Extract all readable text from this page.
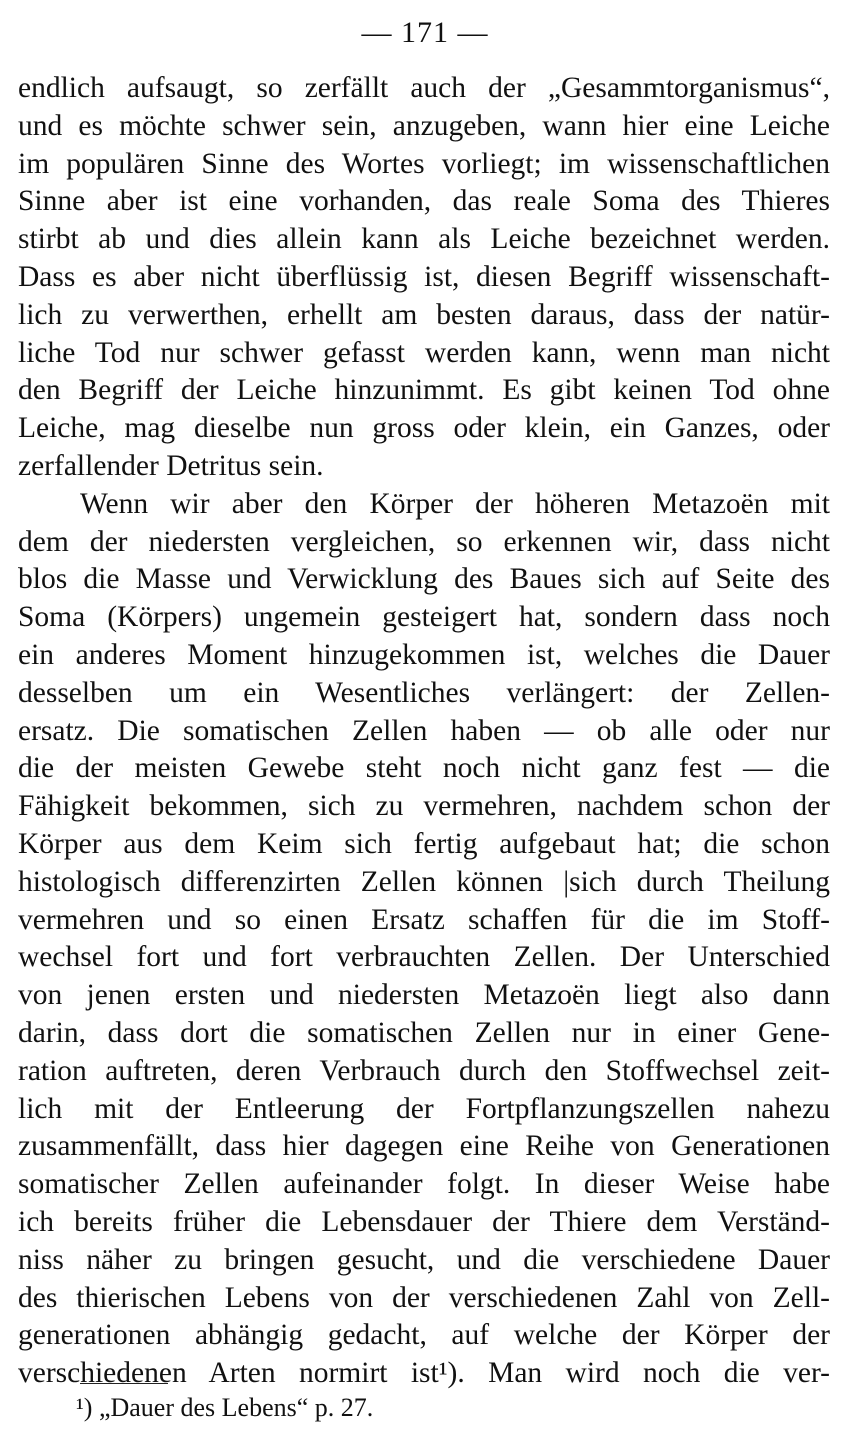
— 171 —
endlich aufsaugt, so zerfällt auch der „Gesammtorganismus“,
und es möchte schwer sein, anzugeben, wann hier eine Leiche
im populären Sinne des Wortes vorliegt; im wissenschaftlichen
Sinne aber ist eine vorhanden, das reale Soma des Thieres
stirbt ab und dies allein kann als Leiche bezeichnet werden.
Dass es aber nicht überflüssig ist, diesen Begriff wissenschaft-
lich zu verwerthen, erhellt am besten daraus, dass der natür-
liche Tod nur schwer gefasst werden kann, wenn man nicht
den Begriff der Leiche hinzunimmt. Es gibt keinen Tod ohne
Leiche, mag dieselbe nun gross oder klein, ein Ganzes, oder
zerfallender Detritus sein.
Wenn wir aber den Körper der höheren Metazoën mit
dem der niedersten vergleichen, so erkennen wir, dass nicht
blos die Masse und Verwicklung des Baues sich auf Seite des
Soma (Körpers) ungemein gesteigert hat, sondern dass noch
ein anderes Moment hinzugekommen ist, welches die Dauer
desselben um ein Wesentliches verlängert: der Zellen-
ersatz. Die somatischen Zellen haben — ob alle oder nur
die der meisten Gewebe steht noch nicht ganz fest — die
Fähigkeit bekommen, sich zu vermehren, nachdem schon der
Körper aus dem Keim sich fertig aufgebaut hat; die schon
histologisch differenzirten Zellen können |sich durch Theilung
vermehren und so einen Ersatz schaffen für die im Stoff-
wechsel fort und fort verbrauchten Zellen. Der Unterschied
von jenen ersten und niedersten Metazoën liegt also dann
darin, dass dort die somatischen Zellen nur in einer Gene-
ration auftreten, deren Verbrauch durch den Stoffwechsel zeit-
lich mit der Entleerung der Fortpflanzungszellen nahezu
zusammenfällt, dass hier dagegen eine Reihe von Generationen
somatischer Zellen aufeinander folgt. In dieser Weise habe
ich bereits früher die Lebensdauer der Thiere dem Verständ-
niss näher zu bringen gesucht, und die verschiedene Dauer
des thierischen Lebens von der verschiedenen Zahl von Zell-
generationen abhängig gedacht, auf welche der Körper der
verschiedenen Arten normirt ist¹). Man wird noch die ver-
¹) „Dauer des Lebens“ p. 27.
